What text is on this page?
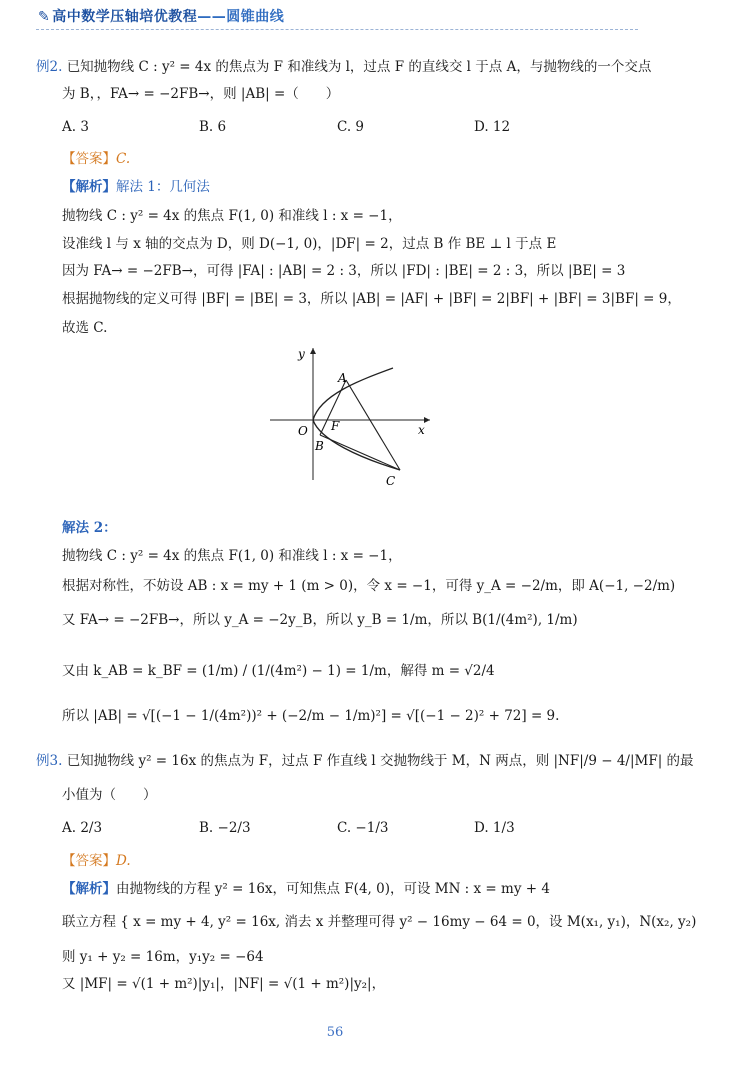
✎ 高中数学压轴培优教程——圆锥曲线
例2. 已知抛物线 C : y² = 4x 的焦点为 F 和准线为 l，过点 F 的直线交 l 于点 A，与抛物线的一个交点
为 B，，FA→ = −2FB→，则 |AB| =（　　）
A. 3	B. 6	C. 9	D. 12
【答案】C.
【解析】解法 1：几何法
抛物线 C : y² = 4x 的焦点 F(1, 0) 和准线 l : x = −1，
设准线 l 与 x 轴的交点为 D，则 D(−1, 0)，|DF| = 2，过点 B 作 BE ⊥ l 于点 E
因为 FA→ = −2FB→，可得 |FA| : |AB| = 2 : 3，所以 |FD| : |BE| = 2 : 3，所以 |BE| = 3
根据抛物线的定义可得 |BF| = |BE| = 3，所以 |AB| = |AF| + |BF| = 2|BF| + |BF| = 3|BF| = 9，
故选 C.
y
x
O
A
F
B
C
解法 2：
抛物线 C : y² = 4x 的焦点 F(1, 0) 和准线 l : x = −1，
根据对称性，不妨设 AB : x = my + 1 (m > 0)，令 x = −1，可得 y_A = −2/m，即 A(−1, −2/m)
又 FA→ = −2FB→，所以 y_A = −2y_B，所以 y_B = 1/m，所以 B(1/(4m²), 1/m)
又由 k_AB = k_BF = (1/m) / (1/(4m²) − 1) = 1/m，解得 m = √2/4
所以 |AB| = √[(−1 − 1/(4m²))² + (−2/m − 1/m)²] = √[(−1 − 2)² + 72] = 9.
例3. 已知抛物线 y² = 16x 的焦点为 F，过点 F 作直线 l 交抛物线于 M，N 两点，则 |NF|/9 − 4/|MF| 的最
小值为（　　）
A. 2/3	B. −2/3	C. −1/3	D. 1/3
【答案】D.
【解析】由抛物线的方程 y² = 16x，可知焦点 F(4, 0)，可设 MN : x = my + 4
联立方程 { x = my + 4, y² = 16x, 消去 x 并整理可得 y² − 16my − 64 = 0，设 M(x₁, y₁)，N(x₂, y₂)
则 y₁ + y₂ = 16m，y₁y₂ = −64
又 |MF| = √(1 + m²)|y₁|，|NF| = √(1 + m²)|y₂|，
56
